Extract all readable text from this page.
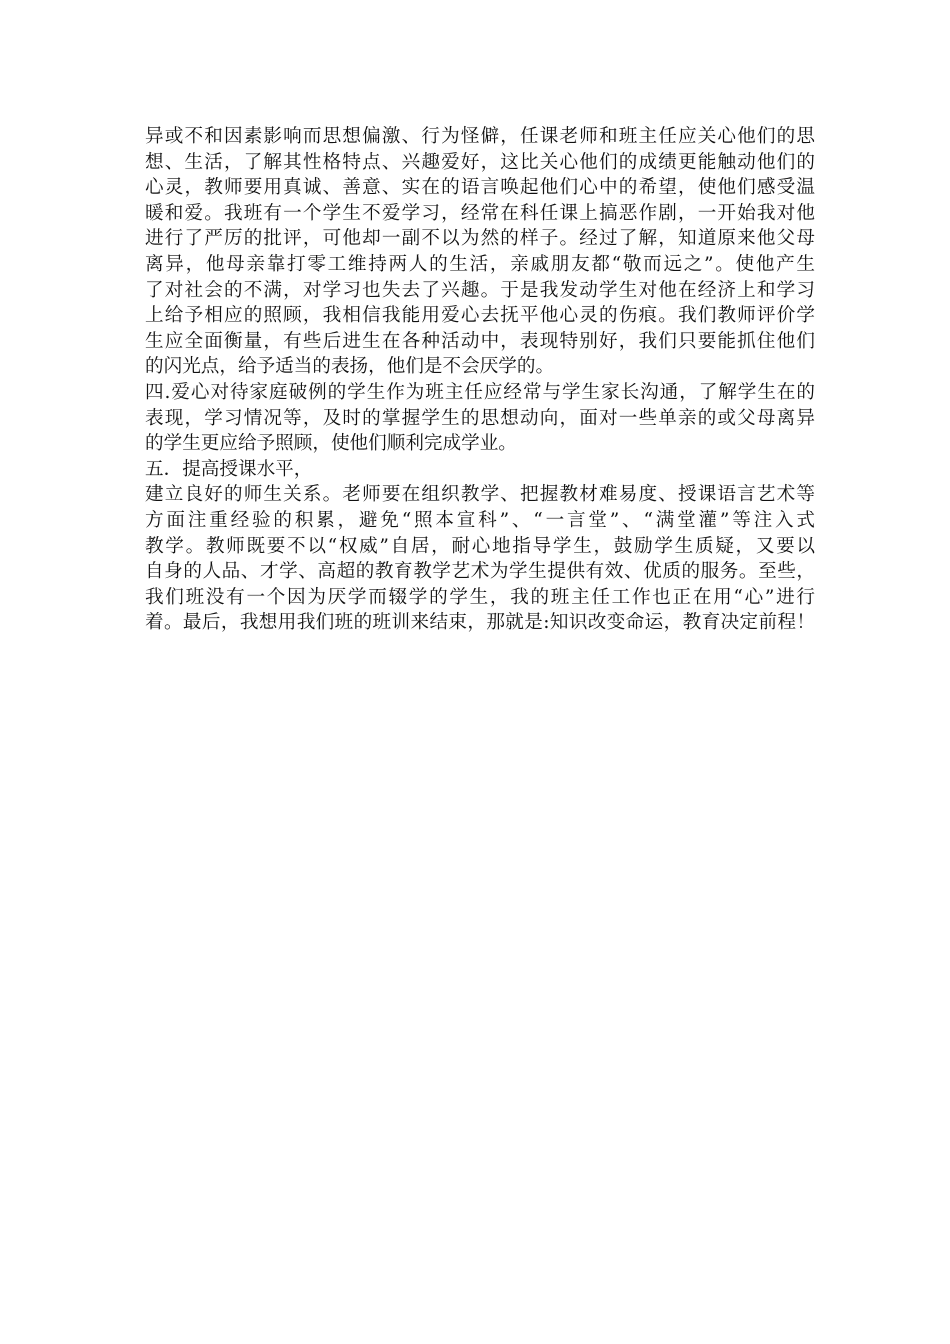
异或不和因素影响而思想偏激、行为怪僻，任课老师和班主任应关心他们的思
想、生活，了解其性格特点、兴趣爱好，这比关心他们的成绩更能触动他们的
心灵，教师要用真诚、善意、实在的语言唤起他们心中的希望，使他们感受温
暖和爱。我班有一个学生不爱学习，经常在科任课上搞恶作剧，一开始我对他
进行了严厉的批评，可他却一副不以为然的样子。经过了解，知道原来他父母
离异，他母亲靠打零工维持两人的生活，亲戚朋友都“敬而远之”。使他产生
了对社会的不满，对学习也失去了兴趣。于是我发动学生对他在经济上和学习
上给予相应的照顾，我相信我能用爱心去抚平他心灵的伤痕。我们教师评价学
生应全面衡量，有些后进生在各种活动中，表现特别好，我们只要能抓住他们
的闪光点，给予适当的表扬，他们是不会厌学的。
四.爱心对待家庭破例的学生作为班主任应经常与学生家长沟通，了解学生在的
表现，学习情况等，及时的掌握学生的思想动向，面对一些单亲的或父母离异
的学生更应给予照顾，使他们顺利完成学业。
五．提高授课水平，
建立良好的师生关系。老师要在组织教学、把握教材难易度、授课语言艺术等
方面注重经验的积累，避免“照本宣科”、“一言堂”、“满堂灌”等注入式
教学。教师既要不以“权威”自居，耐心地指导学生，鼓励学生质疑，又要以
自身的人品、才学、高超的教育教学艺术为学生提供有效、优质的服务。至些，
我们班没有一个因为厌学而辍学的学生，我的班主任工作也正在用“心”进行
着。最后，我想用我们班的班训来结束，那就是:知识改变命运，教育决定前程！
